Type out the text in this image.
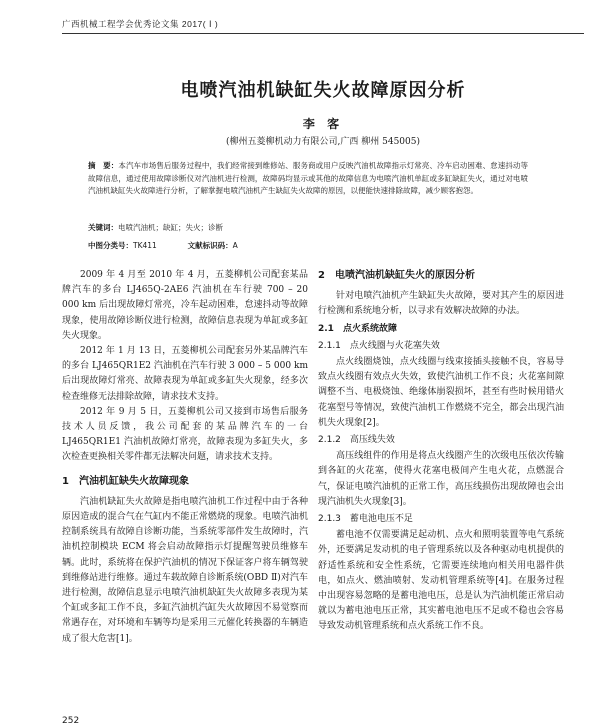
广西机械工程学会优秀论文集 2017( Ⅰ )
电喷汽油机缺缸失火故障原因分析
李 客
(柳州五菱柳机动力有限公司,广西 柳州 545005)
摘　要：本汽车市场售后服务过程中，我们经常接到维修站、服务商或用户反映汽油机故障指示灯常亮、冷车启动困难、怠速抖动等故障信息，通过使用故障诊断仪对汽油机进行检测，故障码均显示或其他的故障信息为电喷汽油机单缸或多缸缺缸失火，通过对电喷汽油机缺缸失火故障进行分析，了解掌握电喷汽油机产生缺缸失火故障的原因，以便能快速排除故障，减少顾客抱怨。
关键词：电喷汽油机；缺缸；失火；诊断
中图分类号：TK411	文献标识码：A

2009 年 4 月至 2010 年 4 月，五菱柳机公司配套某品牌汽车的多台 LJ465Q-2AE6 汽油机在车行驶 700 – 20 000 km 后出现故障灯常亮，冷车起动困难，怠速抖动等故障现象，使用故障诊断仪进行检测，故障信息表现为单缸或多缸失火现象。

2012 年 1 月 13 日，五菱柳机公司配套另外某品牌汽车的多台 LJ465QR1E2 汽油机在汽车行驶 3 000 – 5 000 km 后出现故障灯常亮、故障表现为单缸或多缸失火现象，经多次检查维修无法排除故障，请求技术支持。

2012 年 9 月 5 日，五菱柳机公司又接到市场售后服务技术人员反馈，我公司配套的某品牌汽车的一台 LJ465QR1E1 汽油机故障灯常亮，故障表现为多缸失火，多次检查更换相关零件都无法解决问题，请求技术支持。

1　汽油机缸缺失火故障现象

汽油机缺缸失火故障是指电喷汽油机工作过程中由于各种原因造成的混合气在气缸内不能正常燃烧的现象。电喷汽油机控制系统具有故障自诊断功能，当系统零部件发生故障时，汽油机控制模块 ECM 将会启动故障指示灯提醒驾驶员维修车辆。此时，系统将在保护汽油机的情况下保证客户将车辆驾驶到维修站进行维修。通过车载故障自诊断系统(OBD Ⅱ)对汽车进行检测，故障信息显示电喷汽油机缺缸失火故障多表现为某个缸或多缸工作不良，多缸汽油机汽缸失火故障因不易觉察而常遇存在，对环境和车辆等均是采用三元催化转换器的车辆造成了很大危害[1]。

2　电喷汽油机缺缸失火的原因分析

针对电喷汽油机产生缺缸失火故障，要对其产生的原因进行检测和系统地分析，以寻求有效解决故障的办法。

2.1　点火系统故障
2.1.1　点火线圈与火花塞失效

点火线圈烧蚀，点火线圈与线束接插头接触不良，容易导致点火线圈有效点火失效，致使汽油机工作不良；火花塞间隙调整不当、电极烧蚀、绝缘体崩裂损坏，甚至有些时候用错火花塞型号等情况，致使汽油机工作燃烧不完全，都会出现汽油机失火现象[2]。

2.1.2　高压线失效

高压线组件的作用是将点火线圈产生的次级电压依次传输到各缸的火花塞，使得火花塞电极间产生电火花，点燃混合气，保证电喷汽油机的正常工作，高压线损伤出现故障也会出现汽油机失火现象[3]。

2.1.3　蓄电池电压不足

蓄电池不仅需要满足起动机、点火和照明装置等电气系统外，还要满足发动机的电子管理系统以及各种驱动电机提供的舒适性系统和安全性系统，它需要连续地向相关用电器件供电，如点火、燃油喷射、发动机管理系统等[4]。在服务过程中出现容易忽略的是蓄电池电压，总是认为汽油机能正常启动就以为蓄电池电压正常，其实蓄电池电压不足或不稳也会容易导致发动机管理系统和点火系统工作不良。

252
